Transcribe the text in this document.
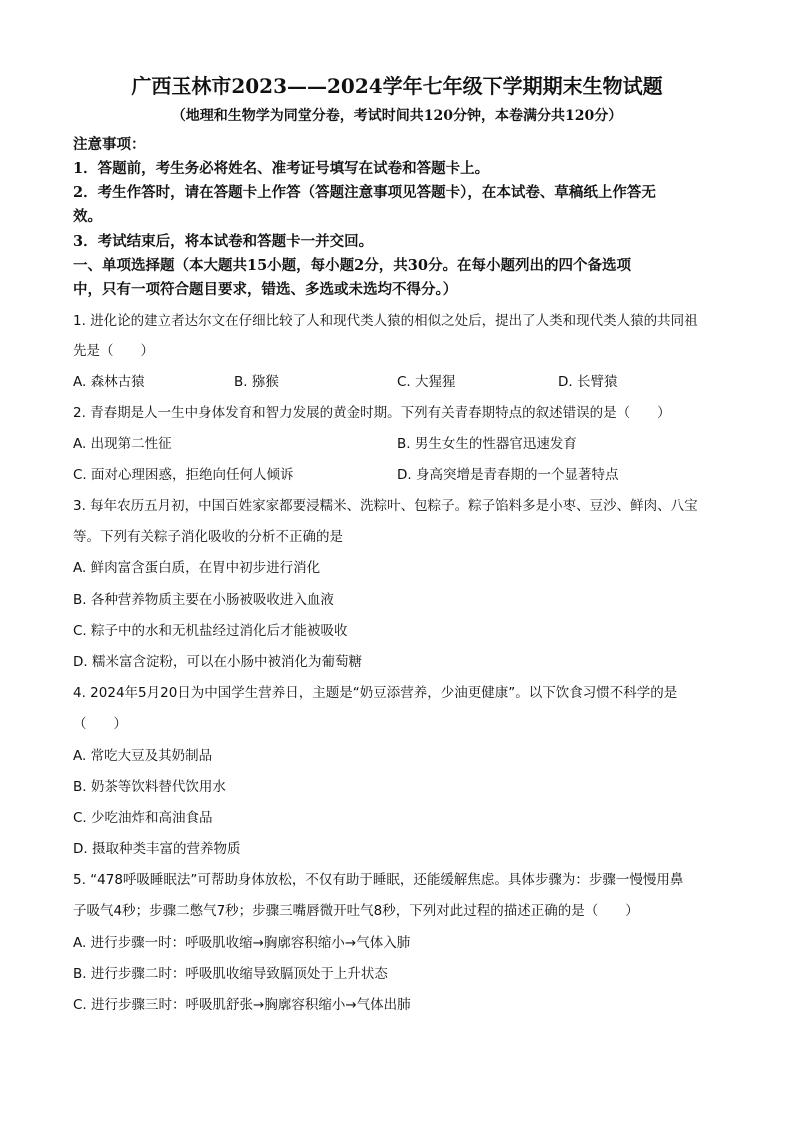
广西玉林市2023——2024学年七年级下学期期末生物试题
（地理和生物学为同堂分卷，考试时间共120分钟，本卷满分共120分）
注意事项：
1．答题前，考生务必将姓名、准考证号填写在试卷和答题卡上。
2．考生作答时，请在答题卡上作答（答题注意事项见答题卡），在本试卷、草稿纸上作答无
效。
3．考试结束后，将本试卷和答题卡一并交回。
一、单项选择题（本大题共15小题，每小题2分，共30分。在每小题列出的四个备选项
中，只有一项符合题目要求，错选、多选或未选均不得分。）
1. 进化论的建立者达尔文在仔细比较了人和现代类人猿的相似之处后，提出了人类和现代类人猿的共同祖
先是（　　）
A. 森林古猿	B. 猕猴	C. 大猩猩	D. 长臂猿
2. 青春期是人一生中身体发育和智力发展的黄金时期。下列有关青春期特点的叙述错误的是（　　）
A. 出现第二性征	B. 男生女生的性器官迅速发育
C. 面对心理困惑，拒绝向任何人倾诉	D. 身高突增是青春期的一个显著特点
3. 每年农历五月初，中国百姓家家都要浸糯米、洗粽叶、包粽子。粽子馅料多是小枣、豆沙、鲜肉、八宝
等。下列有关粽子消化吸收的分析不正确的是
A. 鲜肉富含蛋白质，在胃中初步进行消化
B. 各种营养物质主要在小肠被吸收进入血液
C. 粽子中的水和无机盐经过消化后才能被吸收
D. 糯米富含淀粉，可以在小肠中被消化为葡萄糖
4. 2024年5月20日为中国学生营养日，主题是“奶豆添营养，少油更健康”。以下饮食习惯不科学的是
（　　）
A. 常吃大豆及其奶制品
B. 奶茶等饮料替代饮用水
C. 少吃油炸和高油食品
D. 摄取种类丰富的营养物质
5. “478呼吸睡眠法”可帮助身体放松，不仅有助于睡眠，还能缓解焦虑。具体步骤为：步骤一慢慢用鼻
子吸气4秒；步骤二憋气7秒；步骤三嘴唇微开吐气8秒，下列对此过程的描述正确的是（　　）
A. 进行步骤一时：呼吸肌收缩→胸廓容积缩小→气体入肺
B. 进行步骤二时：呼吸肌收缩导致膈顶处于上升状态
C. 进行步骤三时：呼吸肌舒张→胸廓容积缩小→气体出肺
